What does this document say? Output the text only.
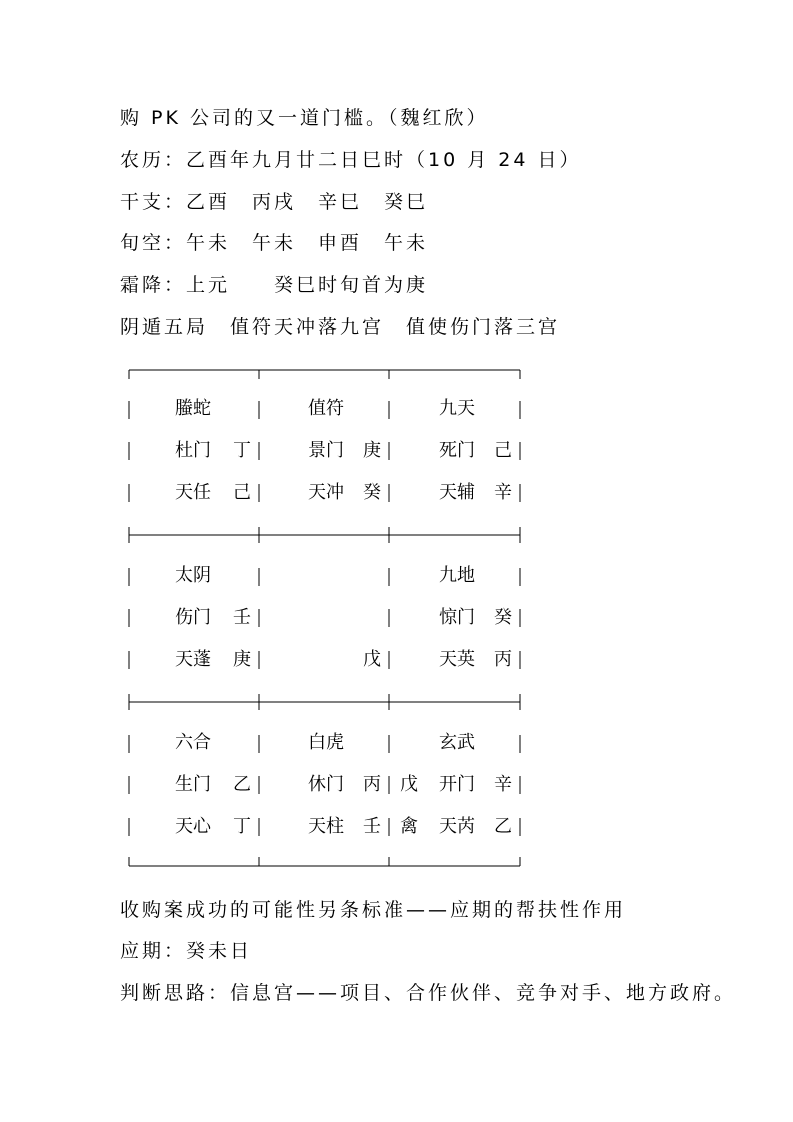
购 PK 公司的又一道门槛。（魏红欣）
农历：乙酉年九月廿二日巳时（10 月 24 日）
干支：乙酉　丙戌　辛巳　癸巳
旬空：午未　午未　申酉　午未
霜降：上元　　癸巳时旬首为庚
阴遁五局　值符天冲落九宫　值使伤门落三宫
螣蛇
杜门 丁
天任 己
值符
景门 庚
天冲 癸
九天
死门 己
天辅 辛
太阴
伤门 壬
天蓬 庚	戊
九地
惊门 癸
天英 丙
六合
生门 乙
天心 丁
白虎
休门 丙
天柱 壬
玄武
戊 开门 辛
禽 天芮 乙
收购案成功的可能性另条标准——应期的帮扶性作用
应期：癸未日
判断思路：信息宫——项目、合作伙伴、竞争对手、地方政府。
